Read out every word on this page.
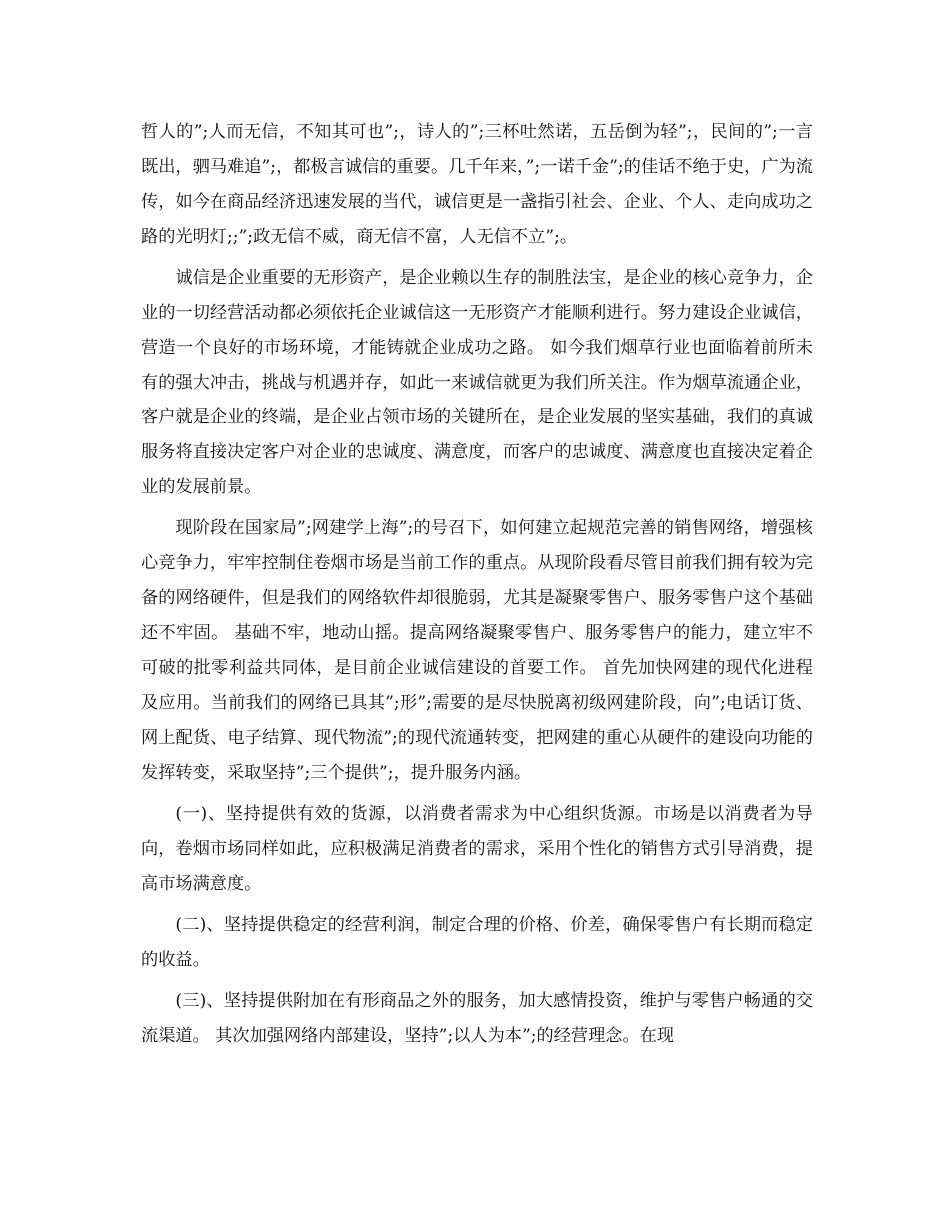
哲人的”;人而无信，不知其可也”;，诗人的”;三杯吐然诺，五岳倒为轻”;，民间的”;一言既出，驷马难追”;，都极言诚信的重要。几千年来，”;一诺千金”;的佳话不绝于史，广为流传，如今在商品经济迅速发展的当代，诚信更是一盏指引社会、企业、个人、走向成功之路的光明灯;;”;政无信不威，商无信不富，人无信不立”;。

诚信是企业重要的无形资产，是企业赖以生存的制胜法宝，是企业的核心竞争力，企业的一切经营活动都必须依托企业诚信这一无形资产才能顺利进行。努力建设企业诚信，营造一个良好的市场环境，才能铸就企业成功之路。 如今我们烟草行业也面临着前所未有的强大冲击，挑战与机遇并存，如此一来诚信就更为我们所关注。作为烟草流通企业，客户就是企业的终端，是企业占领市场的关键所在，是企业发展的坚实基础，我们的真诚服务将直接决定客户对企业的忠诚度、满意度，而客户的忠诚度、满意度也直接决定着企业的发展前景。

现阶段在国家局”;网建学上海”;的号召下，如何建立起规范完善的销售网络，增强核心竞争力，牢牢控制住卷烟市场是当前工作的重点。从现阶段看尽管目前我们拥有较为完备的网络硬件，但是我们的网络软件却很脆弱，尤其是凝聚零售户、服务零售户这个基础还不牢固。 基础不牢，地动山摇。提高网络凝聚零售户、服务零售户的能力，建立牢不可破的批零利益共同体，是目前企业诚信建设的首要工作。 首先加快网建的现代化进程及应用。当前我们的网络已具其”;形”;需要的是尽快脱离初级网建阶段，向”;电话订货、网上配货、电子结算、现代物流”;的现代流通转变，把网建的重心从硬件的建设向功能的发挥转变，采取坚持”;三个提供”;，提升服务内涵。

(一)、坚持提供有效的货源，以消费者需求为中心组织货源。市场是以消费者为导向，卷烟市场同样如此，应积极满足消费者的需求，采用个性化的销售方式引导消费，提高市场满意度。

(二)、坚持提供稳定的经营利润，制定合理的价格、价差，确保零售户有长期而稳定的收益。

(三)、坚持提供附加在有形商品之外的服务，加大感情投资，维护与零售户畅通的交流渠道。 其次加强网络内部建设，坚持”;以人为本”;的经营理念。在现
